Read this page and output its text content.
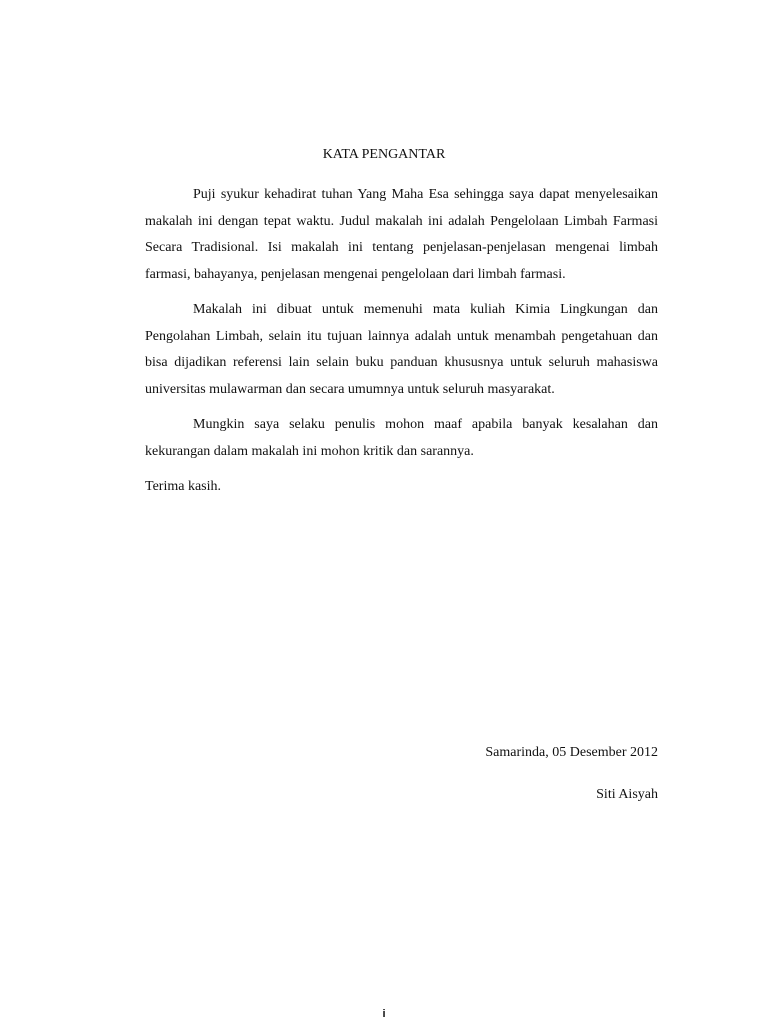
KATA PENGANTAR

Puji syukur kehadirat tuhan Yang Maha Esa sehingga saya dapat menyelesaikan makalah ini dengan tepat waktu. Judul makalah ini adalah Pengelolaan Limbah Farmasi Secara Tradisional. Isi makalah ini tentang penjelasan-penjelasan mengenai limbah farmasi, bahayanya, penjelasan mengenai pengelolaan dari limbah farmasi.

Makalah ini dibuat untuk memenuhi mata kuliah Kimia Lingkungan dan Pengolahan Limbah, selain itu tujuan lainnya adalah untuk menambah pengetahuan dan bisa dijadikan referensi lain selain buku panduan khususnya untuk seluruh mahasiswa universitas mulawarman dan secara umumnya untuk seluruh masyarakat.

Mungkin saya selaku penulis mohon maaf apabila banyak kesalahan dan kekurangan dalam makalah ini mohon kritik dan sarannya.

Terima kasih.

Samarinda, 05 Desember 2012
Siti Aisyah
i
